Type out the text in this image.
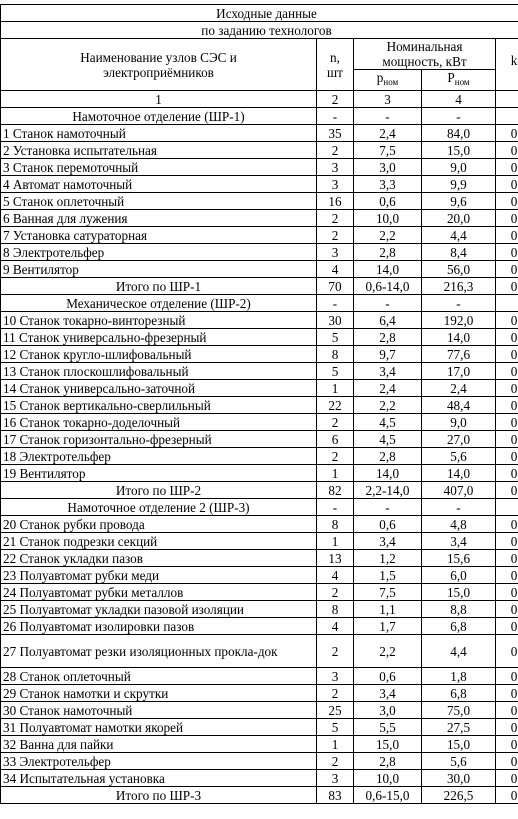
Исходные данные				
по заданию технологов				
Наименование узлов СЭС и электроприёмников	n, шт	Номинальная мощность, кВт		k
		$p_{ном}$	$P_{ном}$
1	2	3	4	
Намоточное отделение (ШР-1)	-	-	-	
1 Станок намоточный	35	2,4	84,0	0
2 Установка испытательная	2	7,5	15,0	0
3 Станок перемоточный	3	3,0	9,0	0
4 Автомат намоточный	3	3,3	9,9	0
5 Станок оплеточный	16	0,6	9,6	0
6 Ванная для лужения	2	10,0	20,0	0
7 Установка сатураторная	2	2,2	4,4	0
8 Электротельфер	3	2,8	8,4	0
9 Вентилятор	4	14,0	56,0	0
Итого по ШР-1	70	0,6-14,0	216,3	0
Механическое отделение (ШР-2)	-	-	-	
10 Станок токарно-винторезный	30	6,4	192,0	0
11 Станок универсально-фрезерный	5	2,8	14,0	0
12 Станок кругло-шлифовальный	8	9,7	77,6	0
13 Станок плоскошлифовальный	5	3,4	17,0	0
14 Станок универсально-заточной	1	2,4	2,4	0
15 Станок вертикально-сверлильный	22	2,2	48,4	0
16 Станок токарно-доделочный	2	4,5	9,0	0
17 Станок горизонтально-фрезерный	6	4,5	27,0	0
18 Электротельфер	2	2,8	5,6	0
19 Вентилятор	1	14,0	14,0	0
Итого по ШР-2	82	2,2-14,0	407,0	0
Намоточное отделение 2 (ШР-3)	-	-	-	
20 Станок рубки провода	8	0,6	4,8	0
21 Станок подрезки секций	1	3,4	3,4	0
22 Станок укладки пазов	13	1,2	15,6	0
23 Полуавтомат рубки меди	4	1,5	6,0	0
24 Полуавтомат рубки металлов	2	7,5	15,0	0
25 Полуавтомат укладки пазовой изоляции	8	1,1	8,8	0
26 Полуавтомат изолировки пазов	4	1,7	6,8	0
27 Полуавтомат резки изоляционных прокла-док	2	2,2	4,4	0
28 Станок оплеточный	3	0,6	1,8	0
29 Станок намотки и скрутки	2	3,4	6,8	0
30 Станок намоточный	25	3,0	75,0	0
31 Полуавтомат намотки якорей	5	5,5	27,5	0
32 Ванна для пайки	1	15,0	15,0	0
33 Электротельфер	2	2,8	5,6	0
34 Испытательная установка	3	10,0	30,0	0
Итого по ШР-3	83	0,6-15,0	226,5	0
